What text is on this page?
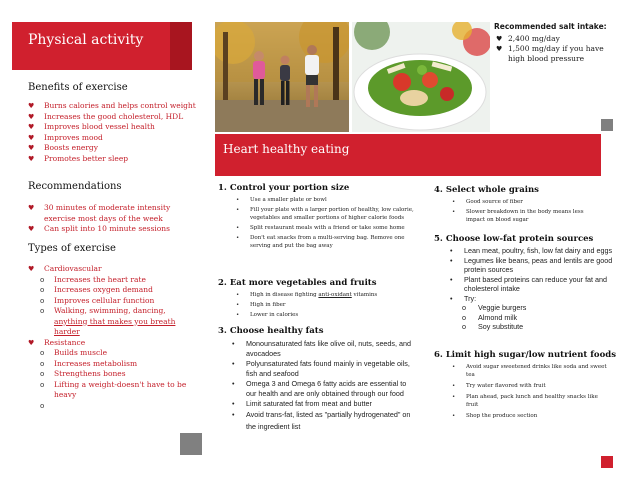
Physical activity
Benefits of exercise
♥ Burns calories and helps control weight
♥ Increases the good cholesterol, HDL
♥ Improves blood vessel health
♥ Improves mood
♥ Boosts energy
♥ Promotes better sleep
Recommendations
♥ 30 minutes of moderate intensity exercise most days of the week
♥ Can split into 10 minute sessions
Types of exercise
♥ Cardiovascular
o Increases the heart rate
o Increases oxygen demand
o Improves cellular function
o Walking, swimming, dancing,
anything that makes you breath harder
♥ Resistance
o Builds muscle
o Increases metabolism
o Strengthens bones
o Lifting a weight-doesn't have to be heavy
o
Recommended salt intake:
♥ 2,400 mg/day
♥ 1,500 mg/day if you have high blood pressure
Heart healthy eating
1. Control your portion size
• Use a smaller plate or bowl
• Fill your plate with a larger portion of healthy, low calorie, vegetables and smaller portions of higher calorie foods
• Split restaurant meals with a friend or take some home
• Don't eat snacks from a multi-serving bag. Remove one serving and put the bag away
2. Eat more vegetables and fruits
• High in disease fighting anti-oxidant vitamins
• High in fiber
• Lower in calories
3. Choose healthy fats
• Monounsaturated fats like olive oil, nuts, seeds, and avocadoes
• Polyunsaturated fats found mainly in vegetable oils, fish and seafood
• Omega 3 and Omega 6 fatty acids are essential to our health and are only obtained through our food
• Limit saturated fat from meat and butter
• Avoid trans-fat, listed as "partially hydrogenated" on the ingredient list
4. Select whole grains
• Good source of fiber
• Slower breakdown in the body means less impact on blood sugar
5. Choose low-fat protein sources
• Lean meat, poultry, fish, low fat dairy and eggs
• Legumes like beans, peas and lentils are good protein sources
• Plant based proteins can reduce your fat and cholesterol intake
• Try:
o Veggie burgers
o Almond milk
o Soy substitute
6. Limit high sugar/low nutrient foods
• Avoid sugar sweetened drinks like soda and sweet tea
• Try water flavored with fruit
• Plan ahead, pack lunch and healthy snacks like fruit
• Shop the produce section
